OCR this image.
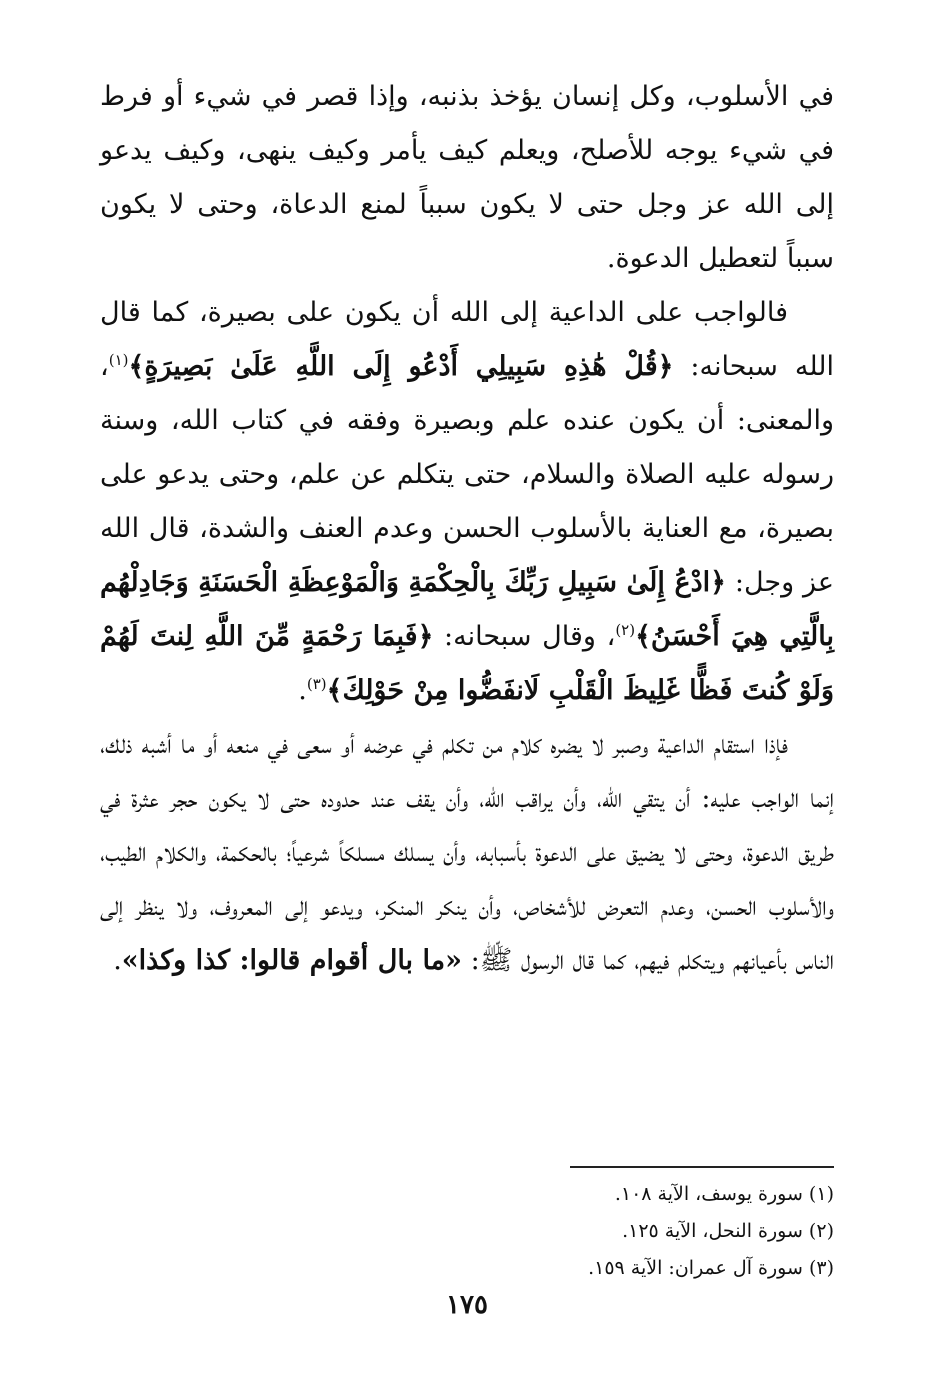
في الأسلوب، وكل إنسان يؤخذ بذنبه، وإذا قصر في شيء أو فرط في شيء يوجه للأصلح، ويعلم كيف يأمر وكيف ينهى، وكيف يدعو إلى الله عز وجل حتى لا يكون سبباً لمنع الدعاة، وحتى لا يكون سبباً لتعطيل الدعوة.

فالواجب على الداعية إلى الله أن يكون على بصيرة، كما قال الله سبحانه: ﴿قُلْ هَٰذِهِ سَبِيلِي أَدْعُو إِلَى اللَّهِ عَلَىٰ بَصِيرَةٍ﴾$^{(١)}$، والمعنى: أن يكون عنده علم وبصيرة وفقه في كتاب الله، وسنة رسوله عليه الصلاة والسلام، حتى يتكلم عن علم، وحتى يدعو على بصيرة، مع العناية بالأسلوب الحسن وعدم العنف والشدة، قال الله عز وجل: ﴿ادْعُ إِلَىٰ سَبِيلِ رَبِّكَ بِالْحِكْمَةِ وَالْمَوْعِظَةِ الْحَسَنَةِ وَجَادِلْهُم بِالَّتِي هِيَ أَحْسَنُ﴾$^{(٢)}$، وقال سبحانه: ﴿فَبِمَا رَحْمَةٍ مِّنَ اللَّهِ لِنتَ لَهُمْ وَلَوْ كُنتَ فَظًّا غَلِيظَ الْقَلْبِ لَانفَضُّوا مِنْ حَوْلِكَ﴾$^{(٣)}$.

فإذا استقام الداعية وصبر لا يضره كلام من تكلم في عرضه أو سعى في منعه أو ما أشبه ذلك، إنما الواجب عليه: أن يتقي الله، وأن يراقب الله، وأن يقف عند حدوده حتى لا يكون حجر عثرة في طريق الدعوة، وحتى لا يضيق على الدعوة بأسبابه، وأن يسلك مسلكاً شرعياً؛ بالحكمة، والكلام الطيب، والأسلوب الحسن، وعدم التعرض للأشخاص، وأن ينكر المنكر، ويدعو إلى المعروف، ولا ينظر إلى الناس بأعيانهم ويتكلم فيهم، كما قال الرسول ﷺ: «ما بال أقوام قالوا: كذا وكذا».

(١) سورة يوسف، الآية ١٠٨.
(٢) سورة النحل، الآية ١٢٥.
(٣) سورة آل عمران: الآية ١٥٩.
١٧٥
